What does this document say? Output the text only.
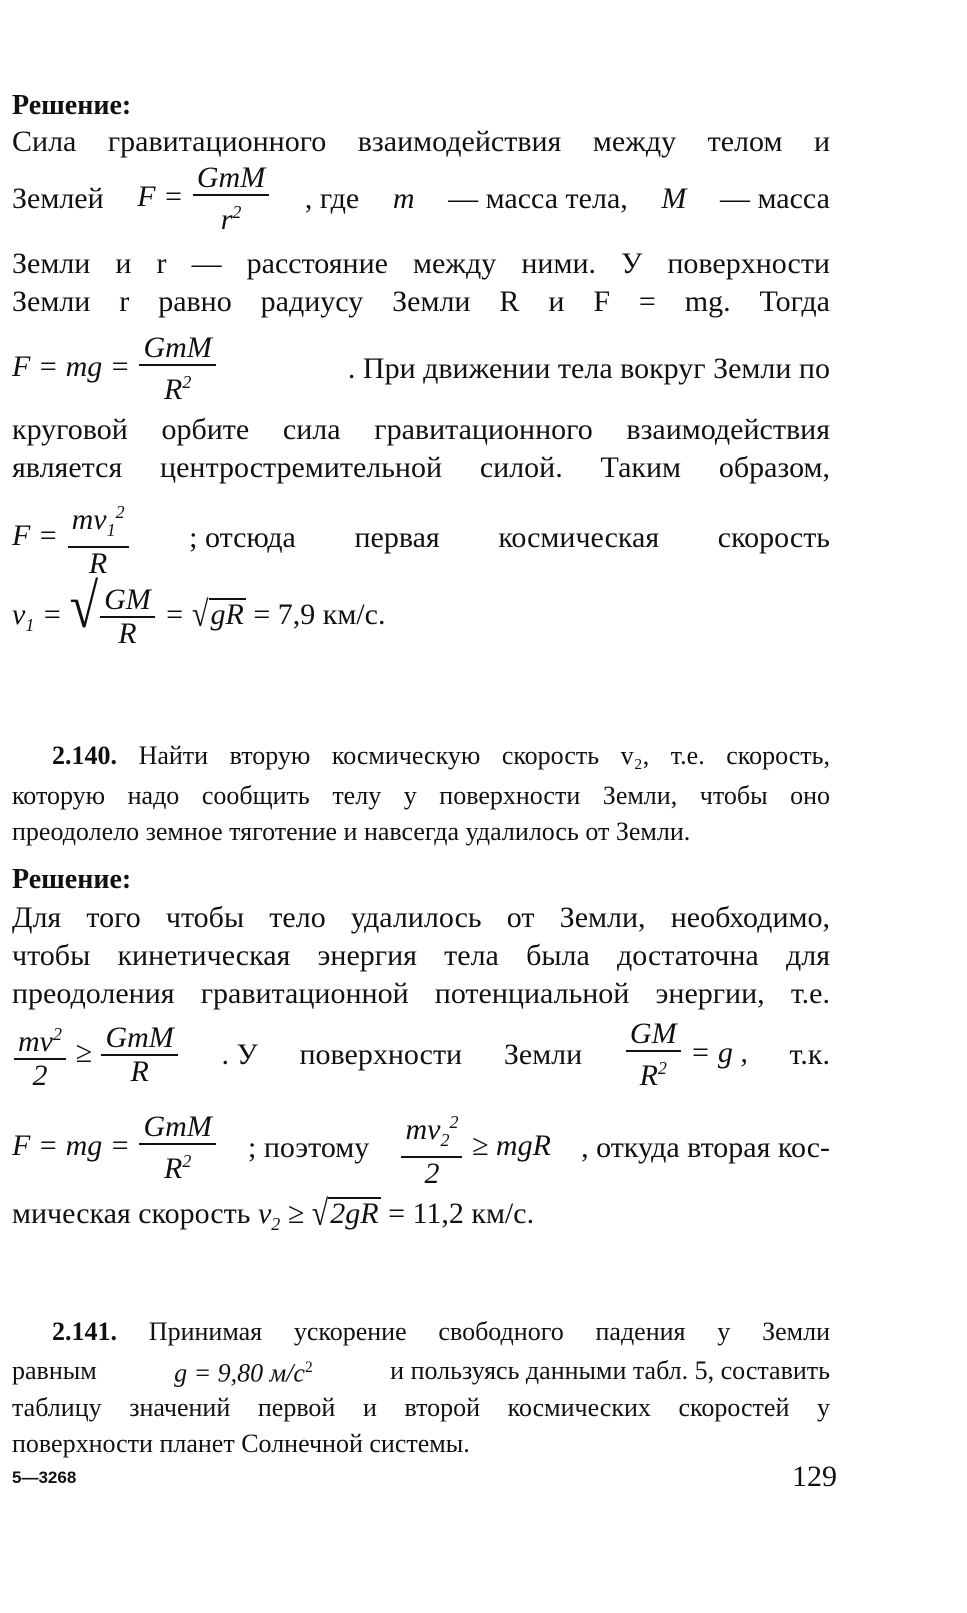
Решение:
Сила гравитационного взаимодействия между телом и
Землей $F = \frac{\text{GmM}}{r^2}$ , где m — масса тела, M — масса
Земли и r — расстояние между ними. У поверхности
Земли r равно радиусу Земли R и F = mg. Тогда
F = mg = $\frac{\text{GmM}}{R^2}$	. При движении тела вокруг Земли по
круговой орбите сила гравитационного взаимодействия
является центростремительной силой. Таким образом,
$F = \frac{mv_1^2}{R}$ ; отсюда первая космическая скорость
$v_1$ = √ $\frac{GM}{R} = √gR = 7,9$ км/с.
2.140. Найти вторую космическую скорость v₂, т.е. скорость,
которую надо сообщить телу у поверхности Земли, чтобы оно
преодолело земное тяготение и навсегда удалилось от Земли.
Решение:
Для того чтобы тело удалилось от Земли, необходимо,
чтобы кинетическая энергия тела была достаточна для
преодоления гравитационной потенциальной энергии, т.е.
$\frac{mv^2}{2} \ge \frac{\text{GmM}}{R}$ . У поверхности Земли $\frac{GM}{R^2} = g$ , т.к.
F = mg = $\frac{\text{GmM}}{R^2}$ ; поэтому $\frac{mv_2^2}{2}$ ≥ mgR , откуда вторая кос-
мическая скорость $v_2 \ge √2gR = 11,2$ км/с.
2.141. Принимая ускорение свободного падения у Земли
равным	g = 9,80 $м/с^2$	и пользуясь данными табл. 5, составить
таблицу значений первой и второй космических скоростей у
поверхности планет Солнечной системы.
5—3268	129
